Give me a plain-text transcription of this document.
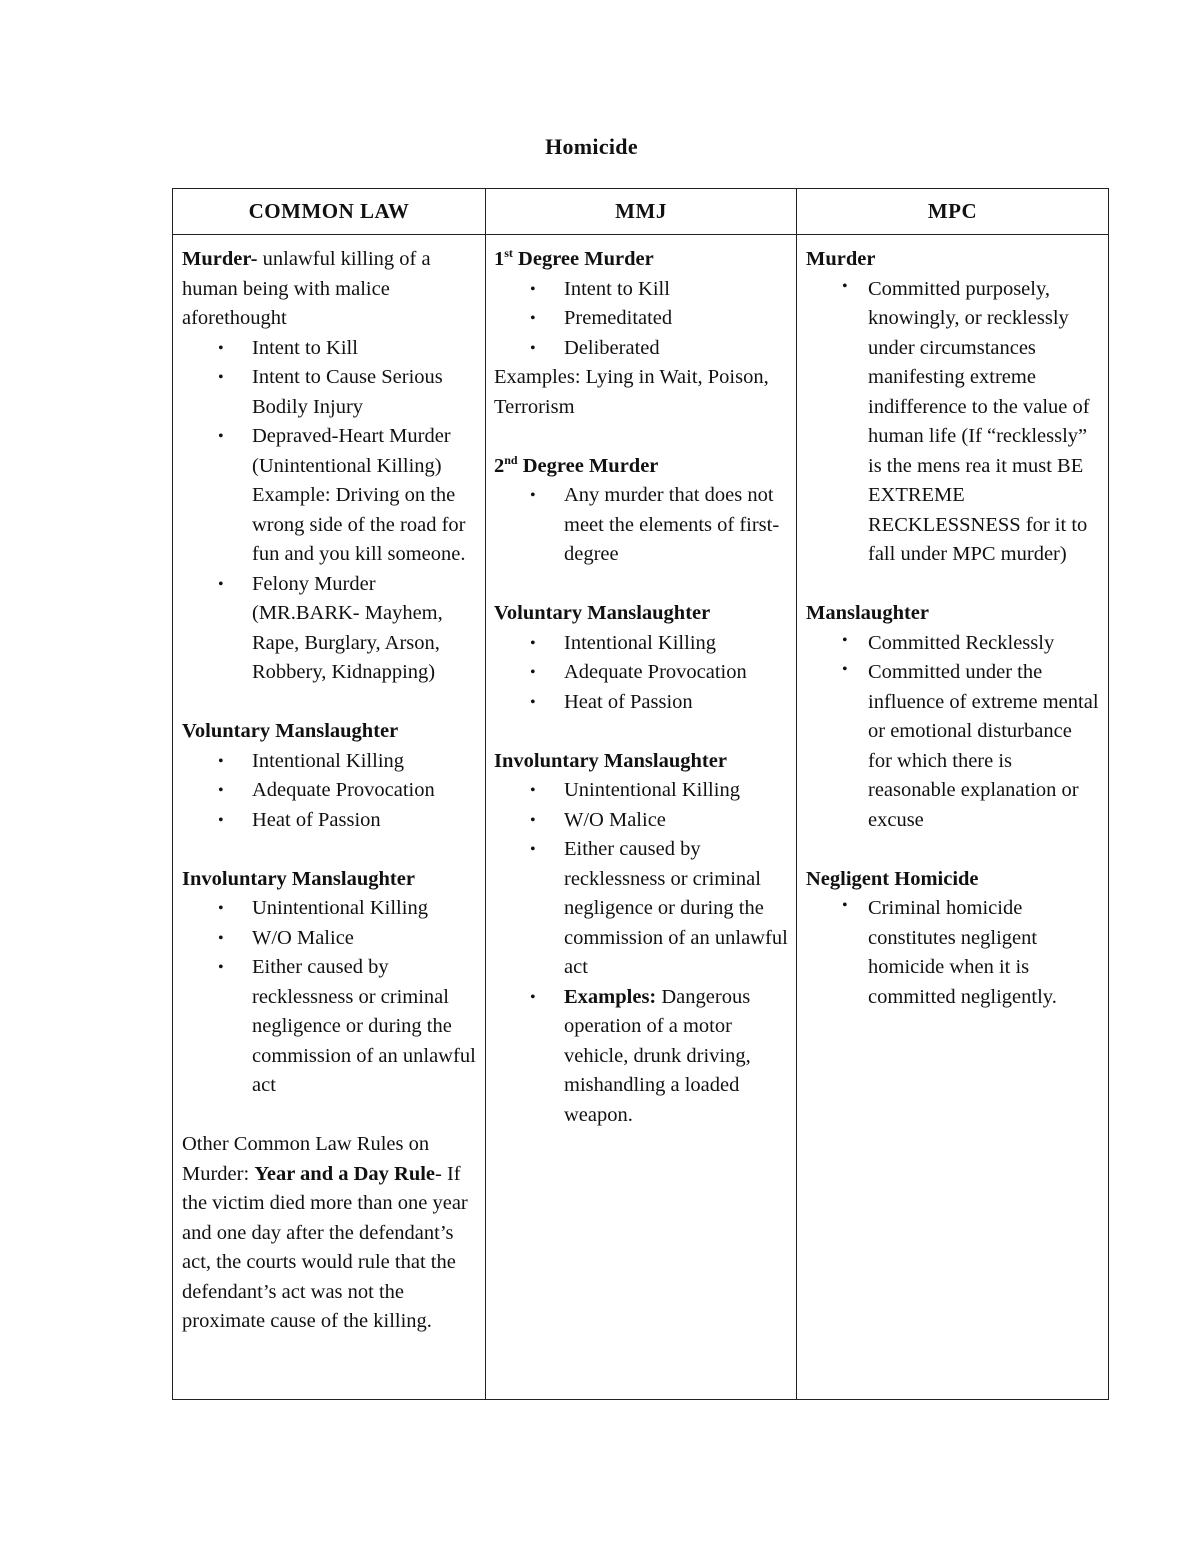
Homicide
COMMON LAW	MMJ	MPC
Murder- unlawful killing of a human being with malice aforethought
• Intent to Kill
• Intent to Cause Serious Bodily Injury
• Depraved-Heart Murder (Unintentional Killing) Example: Driving on the wrong side of the road for fun and you kill someone.
• Felony Murder (MR.BARK- Mayhem, Rape, Burglary, Arson, Robbery, Kidnapping)
Voluntary Manslaughter
• Intentional Killing
• Adequate Provocation
• Heat of Passion
Involuntary Manslaughter
• Unintentional Killing
• W/O Malice
• Either caused by recklessness or criminal negligence or during the commission of an unlawful act
Other Common Law Rules on Murder: Year and a Day Rule- If the victim died more than one year and one day after the defendant’s act, the courts would rule that the defendant’s act was not the proximate cause of the killing.
1st Degree Murder
• Intent to Kill
• Premeditated
• Deliberated
Examples: Lying in Wait, Poison, Terrorism
2nd Degree Murder
• Any murder that does not meet the elements of first-degree
Voluntary Manslaughter
• Intentional Killing
• Adequate Provocation
• Heat of Passion
Involuntary Manslaughter
• Unintentional Killing
• W/O Malice
• Either caused by recklessness or criminal negligence or during the commission of an unlawful act
• Examples: Dangerous operation of a motor vehicle, drunk driving, mishandling a loaded weapon.
Murder
• Committed purposely, knowingly, or recklessly under circumstances manifesting extreme indifference to the value of human life (If “recklessly” is the mens rea it must BE EXTREME RECKLESSNESS for it to fall under MPC murder)
Manslaughter
• Committed Recklessly
• Committed under the influence of extreme mental or emotional disturbance for which there is reasonable explanation or excuse
Negligent Homicide
• Criminal homicide constitutes negligent homicide when it is committed negligently.
